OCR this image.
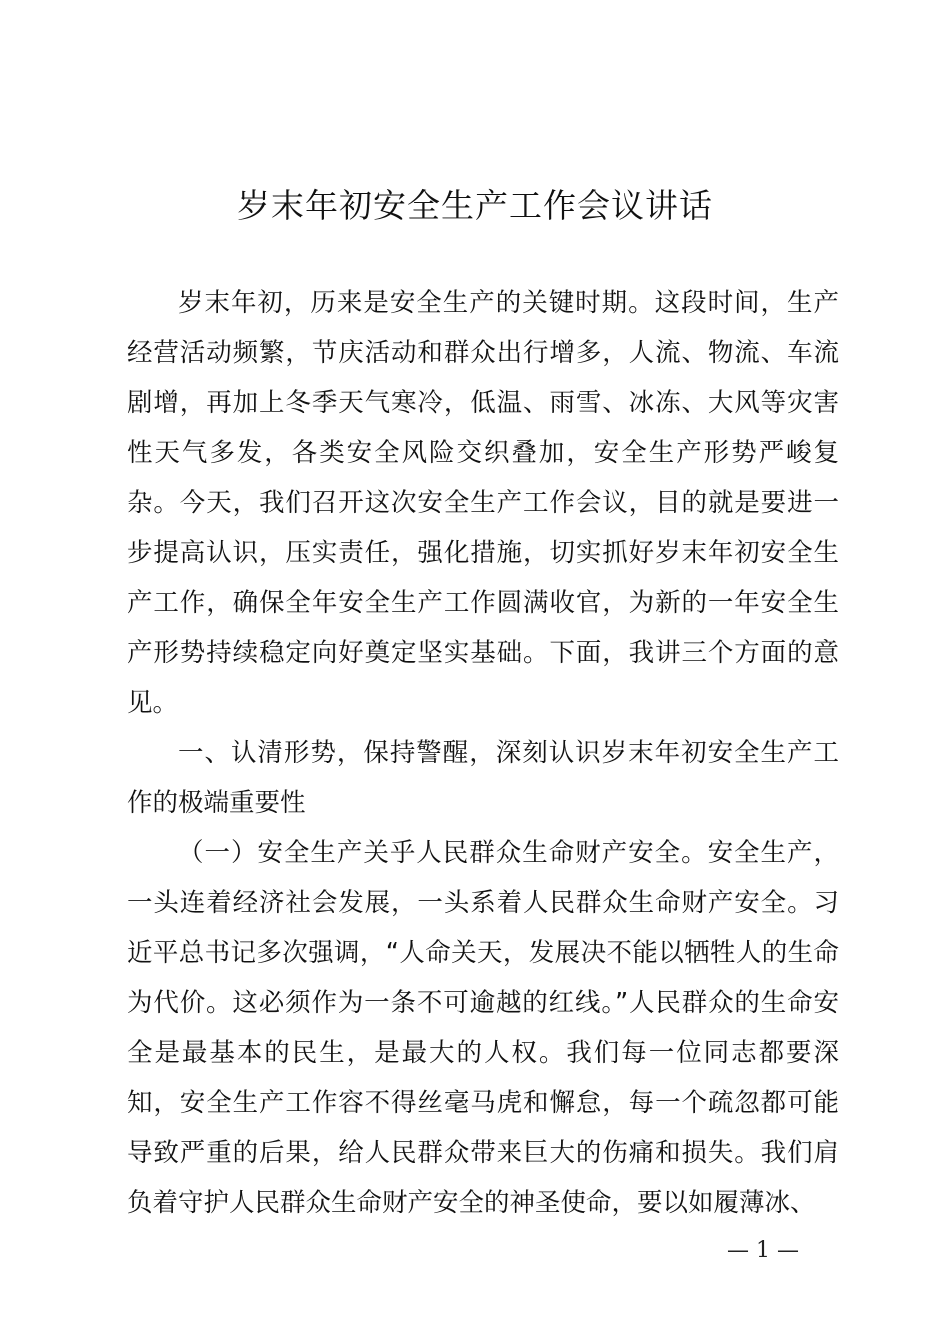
岁末年初安全生产工作会议讲话

岁末年初，历来是安全生产的关键时期。这段时间，生产经营活动频繁，节庆活动和群众出行增多，人流、物流、车流剧增，再加上冬季天气寒冷，低温、雨雪、冰冻、大风等灾害性天气多发，各类安全风险交织叠加，安全生产形势严峻复杂。今天，我们召开这次安全生产工作会议，目的就是要进一步提高认识，压实责任，强化措施，切实抓好岁末年初安全生产工作，确保全年安全生产工作圆满收官，为新的一年安全生产形势持续稳定向好奠定坚实基础。下面，我讲三个方面的意见。

一、认清形势，保持警醒，深刻认识岁末年初安全生产工作的极端重要性

（一）安全生产关乎人民群众生命财产安全。安全生产，一头连着经济社会发展，一头系着人民群众生命财产安全。习近平总书记多次强调，“人命关天，发展决不能以牺牲人的生命为代价。这必须作为一条不可逾越的红线。”人民群众的生命安全是最基本的民生，是最大的人权。我们每一位同志都要深知，安全生产工作容不得丝毫马虎和懈怠，每一个疏忽都可能导致严重的后果，给人民群众带来巨大的伤痛和损失。我们肩负着守护人民群众生命财产安全的神圣使命，要以如履薄冰、

— 1 —
